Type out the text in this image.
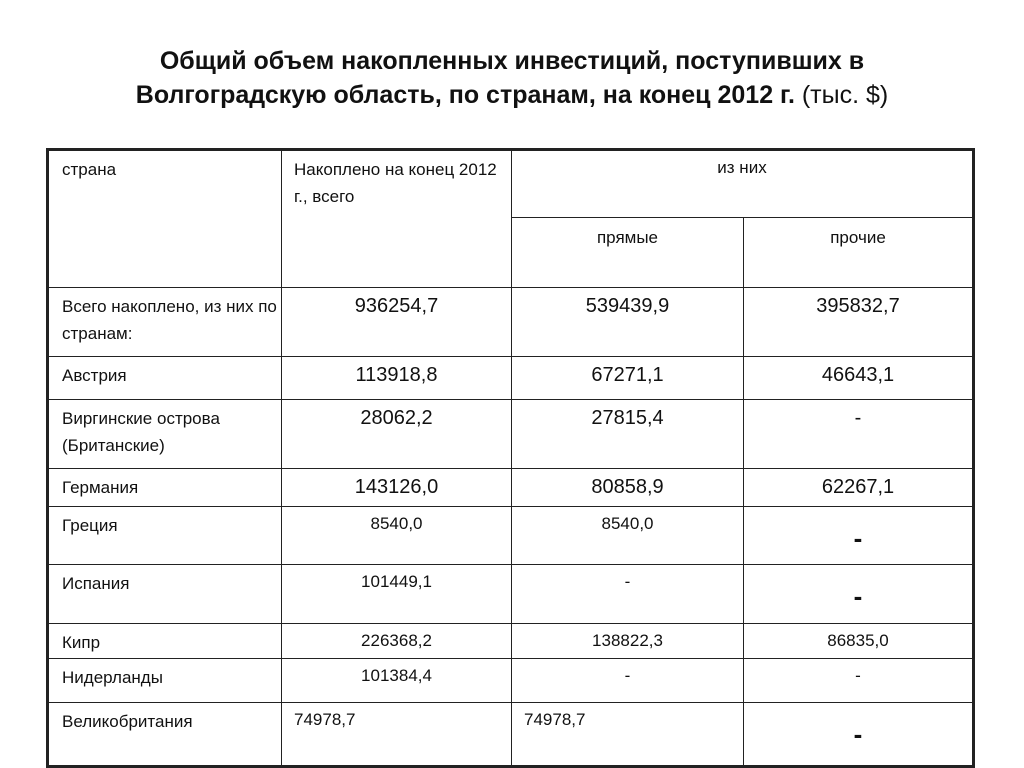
Общий объем накопленных инвестиций, поступивших в
Волгоградскую область, по странам, на конец 2012 г. (тыс. $)
страна	Накоплено на конец 2012 г., всего	из них	
		прямые	прочие
Всего накоплено, из них по странам:	936254,7	539439,9	395832,7
Австрия	113918,8	67271,1	46643,1
Виргинские острова (Британские)	28062,2	27815,4	-
Германия	143126,0	80858,9	62267,1
Греция	8540,0	8540,0	-
Испания	101449,1	-	-
Кипр	226368,2	138822,3	86835,0
Нидерланды	101384,4	-	-
Великобритания	74978,7	74978,7	-
